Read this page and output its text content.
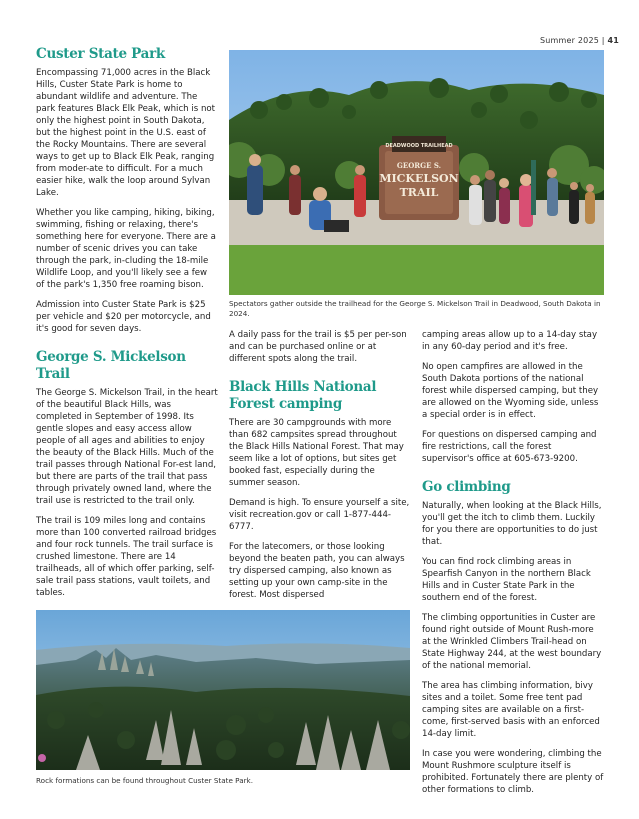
Summer 2025 | 41
Custer State Park

Encompassing 71,000 acres in the Black Hills, Custer State Park is home to abundant wildlife and adventure. The park features Black Elk Peak, which is not only the highest point in South Dakota, but the highest point in the U.S. east of the Rocky Mountains. There are several ways to get up to Black Elk Peak, ranging from moder-ate to difficult. For a much easier hike, walk the loop around Sylvan Lake.

Whether you like camping, hiking, biking, swimming, fishing or relaxing, there's something here for everyone. There are a number of scenic drives you can take through the park, in-cluding the 18-mile Wildlife Loop, and you'll likely see a few of the park's 1,350 free roaming bison.

Admission into Custer State Park is $25 per vehicle and $20 per motorcycle, and it's good for seven days.

George S. Mickelson Trail

The George S. Mickelson Trail, in the heart of the beautiful Black Hills, was completed in September of 1998. Its gentle slopes and easy access allow people of all ages and abilities to enjoy the beauty of the Black Hills. Much of the trail passes through National For-est land, but there are parts of the trail that pass through privately owned land, where the trail use is restricted to the trail only.

The trail is 109 miles long and contains more than 100 converted railroad bridges and four rock tunnels. The trail surface is crushed limestone. There are 14 trailheads, all of which offer parking, self-sale trail pass stations, vault toilets, and tables.

DEADWOOD TRAILHEAD
GEORGE S.
MICKELSON
TRAIL
Spectators gather outside the trailhead for the George S. Mickelson Trail in Deadwood, South Dakota in 2024.

A daily pass for the trail is $5 per per-son and can be purchased online or at different spots along the trail.

Black Hills National Forest camping

There are 30 campgrounds with more than 682 campsites spread throughout the Black Hills National Forest. That may seem like a lot of options, but sites get booked fast, especially during the summer season.

Demand is high. To ensure yourself a site, visit recreation.gov or call 1-877-444-6777.

For the latecomers, or those looking beyond the beaten path, you can always try dispersed camping, also known as setting up your own camp-site in the forest. Most dispersed

camping areas allow up to a 14-day stay in any 60-day period and it's free.

No open campfires are allowed in the South Dakota portions of the national forest while dispersed camping, but they are allowed on the Wyoming side, unless a special order is in effect.

For questions on dispersed camping and fire restrictions, call the forest supervisor's office at 605-673-9200.

Go climbing

Naturally, when looking at the Black Hills, you'll get the itch to climb them. Luckily for you there are opportunities to do just that.

You can find rock climbing areas in Spearfish Canyon in the northern Black Hills and in Custer State Park in the southern end of the forest.

The climbing opportunities in Custer are found right outside of Mount Rush-more at the Wrinkled Climbers Trail-head on State Highway 244, at the west boundary of the national memorial.

The area has climbing information, bivy sites and a toilet. Some free tent pad camping sites are available on a first-come, first-served basis with an enforced 14-day limit.

In case you were wondering, climbing the Mount Rushmore sculpture itself is prohibited. Fortunately there are plenty of other formations to climb.

Rock formations can be found throughout Custer State Park.
